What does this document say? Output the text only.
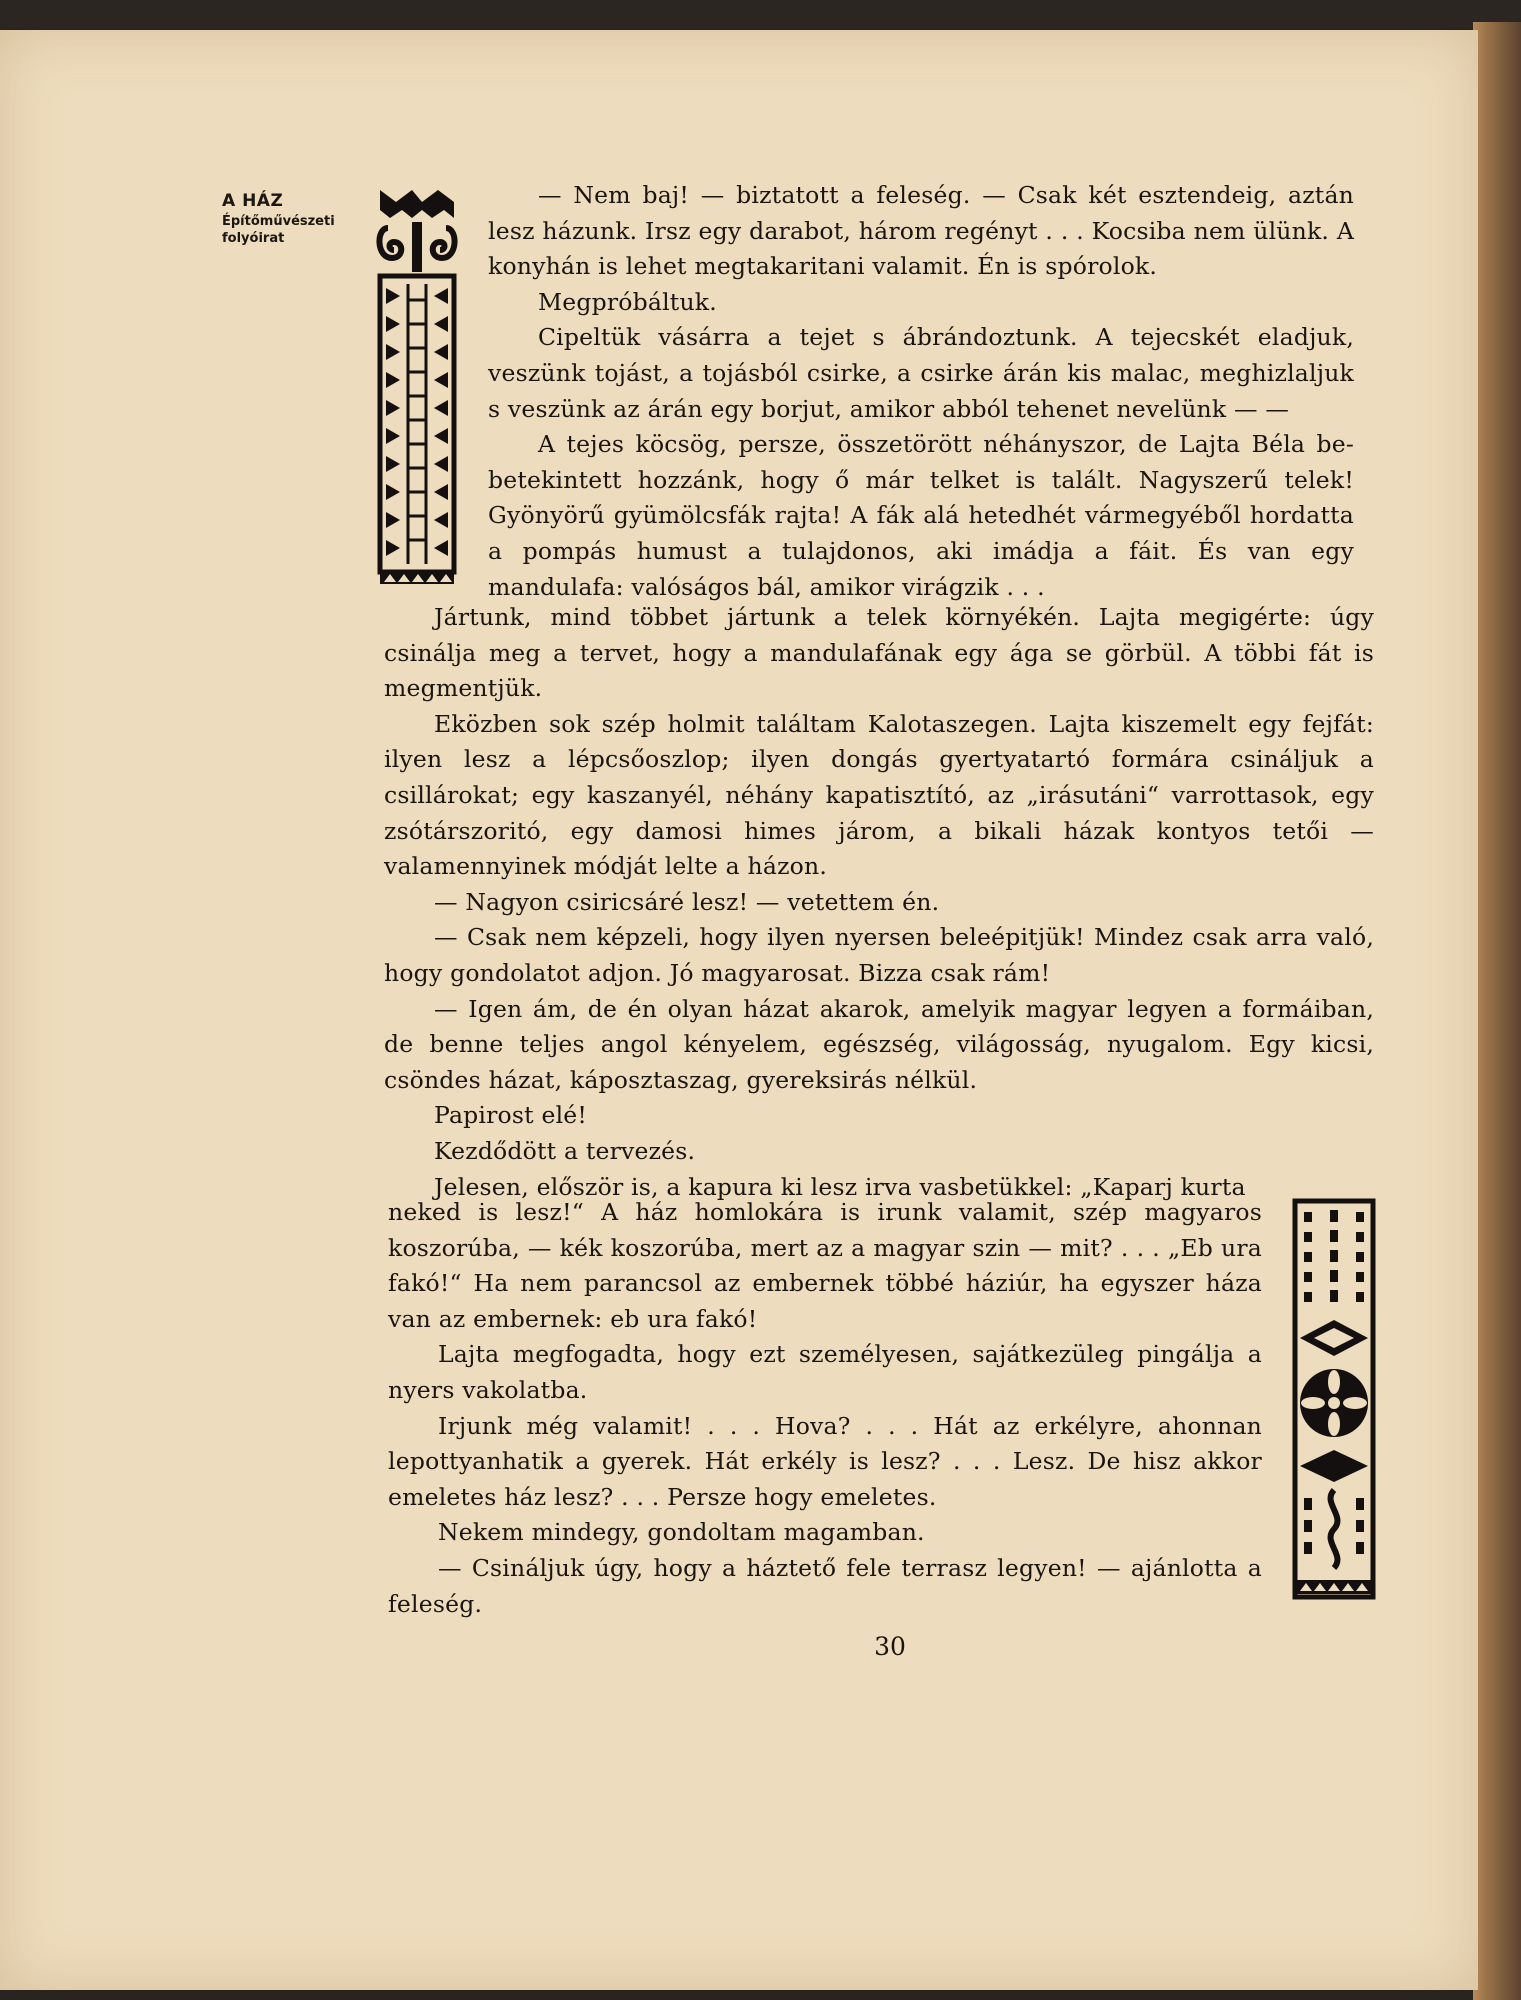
A HÁZ
Építőművészeti
folyóirat

— Nem baj! — biztatott a feleség. — Csak két esztendeig, aztán lesz házunk. Irsz egy darabot, három regényt . . . Kocsiba nem ülünk. A konyhán is lehet megtakaritani valamit. Én is spórolok.

Megpróbáltuk.

Cipeltük vásárra a tejet s ábrándoztunk. A tejecskét eladjuk, veszünk tojást, a tojásból csirke, a csirke árán kis malac, meghizlaljuk s veszünk az árán egy borjut, amikor abból tehenet nevelünk — —

A tejes köcsög, persze, összetörött néhányszor, de Lajta Béla be-betekintett hozzánk, hogy ő már telket is talált. Nagyszerű telek! Gyönyörű gyümölcsfák rajta! A fák alá hetedhét vármegyéből hordatta a pompás humust a tulajdonos, aki imádja a fáit. És van egy mandulafa: valóságos bál, amikor virágzik . . .

Jártunk, mind többet jártunk a telek környékén. Lajta megigérte: úgy csinálja meg a tervet, hogy a mandulafának egy ága se görbül. A többi fát is megmentjük.

Eközben sok szép holmit találtam Kalotaszegen. Lajta kiszemelt egy fejfát: ilyen lesz a lépcsőoszlop; ilyen dongás gyertyatartó formára csináljuk a csillárokat; egy kaszanyél, néhány kapatisztító, az „irásutáni“ varrottasok, egy zsótárszoritó, egy damosi himes járom, a bikali házak kontyos tetői — valamennyinek módját lelte a házon.

— Nagyon csiricsáré lesz! — vetettem én.

— Csak nem képzeli, hogy ilyen nyersen beleépitjük! Mindez csak arra való, hogy gondolatot adjon. Jó magyarosat. Bizza csak rám!

— Igen ám, de én olyan házat akarok, amelyik magyar legyen a formáiban, de benne teljes angol kényelem, egészség, világosság, nyugalom. Egy kicsi, csöndes házat, káposztaszag, gyereksirás nélkül.

Papirost elé!

Kezdődött a tervezés.

Jelesen, először is, a kapura ki lesz irva vasbetükkel: „Kaparj kurta

neked is lesz!“ A ház homlokára is irunk valamit, szép magyaros koszorúba, — kék koszorúba, mert az a magyar szin — mit? . . . „Eb ura fakó!“ Ha nem parancsol az embernek többé háziúr, ha egyszer háza van az embernek: eb ura fakó!

Lajta megfogadta, hogy ezt személyesen, sajátkezüleg pingálja a nyers vakolatba.

Irjunk még valamit! . . . Hova? . . . Hát az erkélyre, ahonnan lepottyanhatik a gyerek. Hát erkély is lesz? . . . Lesz. De hisz akkor emeletes ház lesz? . . . Persze hogy emeletes.

Nekem mindegy, gondoltam magamban.

— Csináljuk úgy, hogy a háztető fele terrasz legyen! — ajánlotta a feleség.

30
